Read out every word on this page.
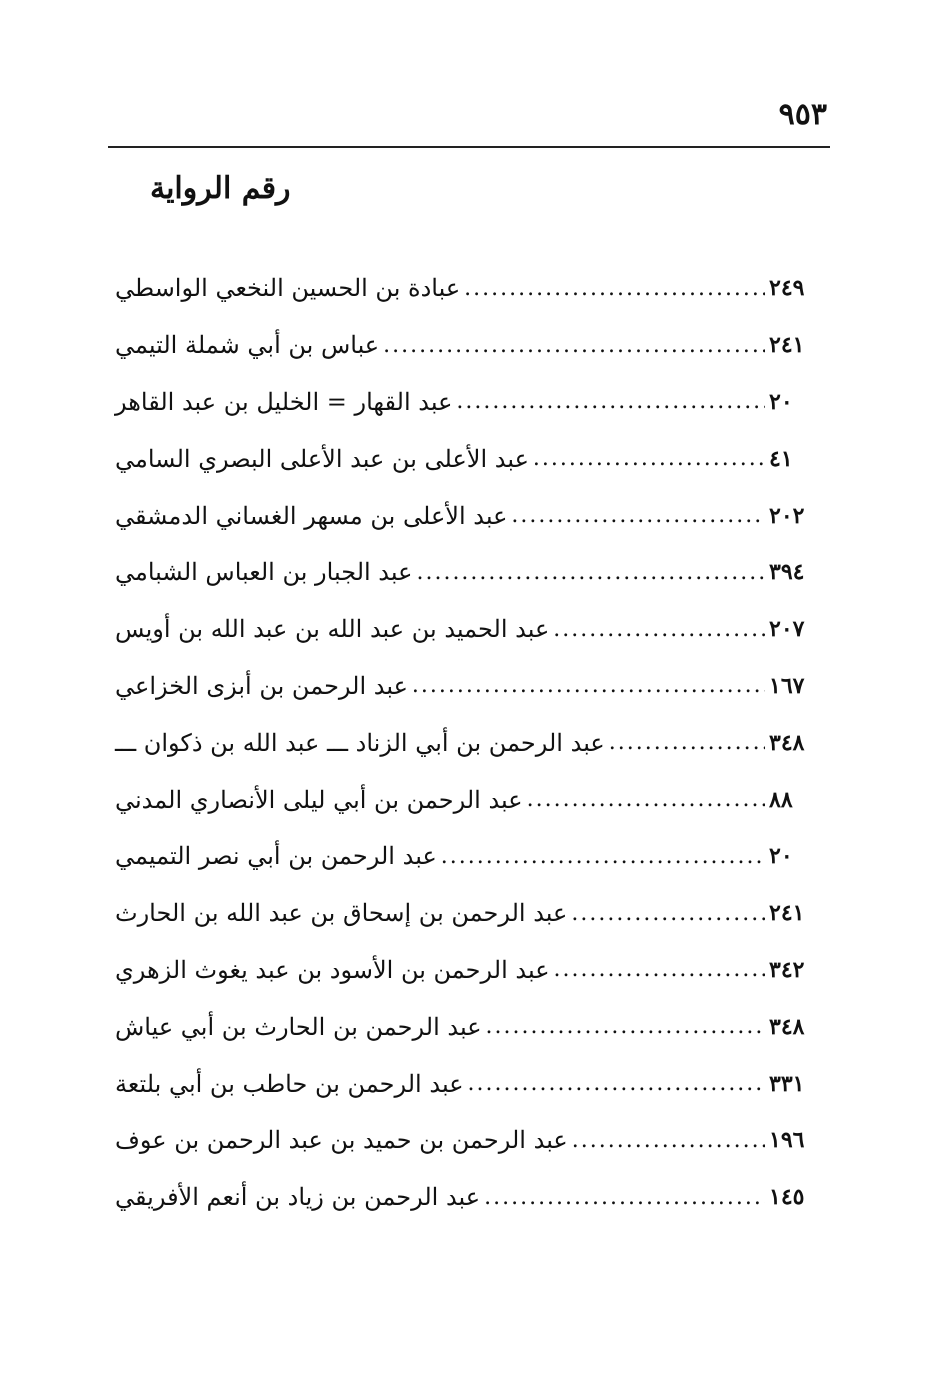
٩٥٣
رقم الرواية
عبادة بن الحسين النخعي الواسطي .....	٢٤٩
عباس بن أبي شملة التيمي .....	٢٤١
عبد القهار = الخليل بن عبد القاهر .....	٢٠
عبد الأعلى بن عبد الأعلى البصري السامي .....	٤١
عبد الأعلى بن مسهر الغساني الدمشقي .....	٢٠٢
عبد الجبار بن العباس الشبامي .....	٣٩٤
عبد الحميد بن عبد الله بن عبد الله بن أويس .....	٢٠٧
عبد الرحمن بن أبزى الخزاعي .....	١٦٧
عبد الرحمن بن أبي الزناد ـــ عبد الله بن ذكوان ـــ .....	٣٤٨
عبد الرحمن بن أبي ليلى الأنصاري المدني .....	٨٨
عبد الرحمن بن أبي نصر التميمي .....	٢٠
عبد الرحمن بن إسحاق بن عبد الله بن الحارث .....	٢٤١
عبد الرحمن بن الأسود بن عبد يغوث الزهري .....	٣٤٢
عبد الرحمن بن الحارث بن أبي عياش .....	٣٤٨
عبد الرحمن بن حاطب بن أبي بلتعة .....	٣٣١
عبد الرحمن بن حميد بن عبد الرحمن بن عوف .....	١٩٦
عبد الرحمن بن زياد بن أنعم الأفريقي .....	١٤٥
